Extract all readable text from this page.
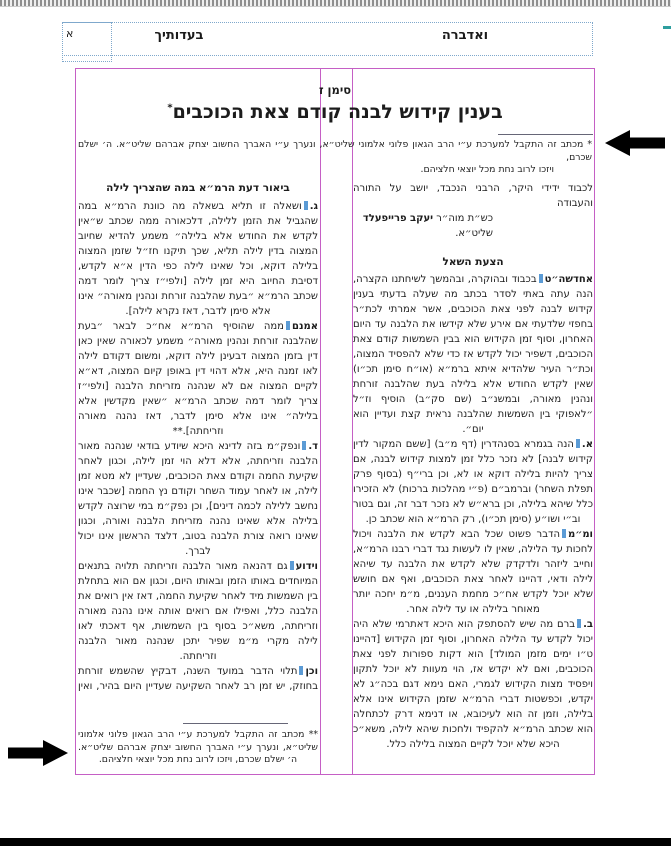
ואדברה
בעדותיך
א
סימן ז
בענין קידוש לבנה קודם צאת הכוכבים*
* מכתב זה התקבל למערכת ע״י הרב הגאון פלוני אלמוני שליט״א, ונערך ע״י האברך החשוב יצחק אברהם שליט״א. ה׳ ישלם שכרם,
ויזכו לרוב נחת מכל יוצאי חלציהם.
לכבוד ידידי היקר, הרבני הנכבד, יושב על התורה והעבודה
כש״ת מוה״ר יעקב פרייפעלד שליט״א.
הצעת השאל

אחדשה״טבכבוד ובהוקרה, ובהמשך לשיחתנו הקצרה, הנה עתה באתי לסדר בכתב מה שעלה בדעתי בענין קידוש לבנה לפני צאת הכוכבים, אשר אמרתי לכת״ר בחפזי שלדעתי אם אירע שלא קידשו את הלבנה עד היום האחרון, וסוף זמן הקידוש הוא בבין השמשות קודם צאת הכוכבים, דשפיר יכול לקדש אז כדי שלא להפסיד המצוה, וכת״ר העיר שלהדיא איתא ברמ״א (או״ח סימן תכ״ו) שאין לקדש החודש אלא בלילה בעת שהלבנה זורחת ונהנין מאורה, ובמשנ״ב (שם סק״ב) הוסיף וז״ל ״לאפוקי בין השמשות שהלבנה נראית קצת ועדיין הוא יום״.

א.הנה בגמרא בסנהדרין (דף מ״ב) [ששם המקור לדין קידוש לבנה] לא נזכר כלל זמן למצות קידוש לבנה, אם צריך להיות בלילה דוקא או לא, וכן ברי״ף (בסוף פרק תפלת השחר) וברמב״ם (פ״י מהלכות ברכות) לא הזכירו כלל שיהא בלילה, וכן ברא״ש לא נזכר דבר זה, וגם בטור וב״י ושו״ע (סימן תכ״ו), רק הרמ״א הוא שכתב כן.

ומ״מהדבר פשוט שכל הבא לקדש את הלבנה ויכול לחכות עד הלילה, שאין לו לעשות נגד דברי רבנו הרמ״א, וחייב ליזהר ולדקדק שלא לקדש את הלבנה עד שיהא לילה ודאי, דהיינו לאחר צאת הכוכבים, ואף אם חושש שלא יוכל לקדש אח״כ מחמת העננים, מ״מ יחכה יותר מאוחר בלילה או עד לילה אחר.

ב.ברם מה שיש להסתפק הוא היכא דאתרמי שלא היה יכול לקדש עד הלילה האחרון, וסוף זמן הקידוש [דהיינו ט״ו ימים מזמן המולד] הוא דקות ספורות לפני צאת הכוכבים, ואם לא יקדש אז, הוי מעוות לא יוכל לתקון ויפסיד מצות הקידוש לגמרי, האם נימא דגם בכה״ג לא יקדש, וכפשטות דברי הרמ״א שזמן הקידוש אינו אלא בלילה, וזמן זה הוא לעיכובא, או דנימא דרק לכתחלה הוא שכתב הרמ״א להקפיד ולחכות שיהא לילה, משא״כ היכא שלא יוכל לקיים המצוה בלילה כלל.

ביאור דעת הרמ״א במה שהצריך לילה

ג.ושאלה זו תליא בשאלה מה כוונת הרמ״א במה שהגביל את הזמן ללילה, דלכאורה ממה שכתב ש״אין לקדש את החודש אלא בלילה״ משמע להדיא שחיוב המצוה בדין לילה תליא, שכך תיקנו חז״ל שזמן המצוה בלילה דוקא, וכל שאינו לילה כפי הדין א״א לקדש, דסיבת החיוב היא זמן לילה [ולפי״ז צריך לומר דמה שכתב הרמ״א ״בעת שהלבנה זורחת ונהנין מאורה״ אינו אלא סימן לדבר, דאז נקרא לילה].

אמנםממה שהוסיף הרמ״א אח״כ לבאר ״בעת שהלבנה זורחת ונהנין מאורה״ משמע לכאורה שאין כאן דין בזמן המצוה דבעינן לילה דוקא, ומשום דקודם לילה לאו זמנה היא, אלא דהוי דין באופן קיום המצוה, דא״א לקיים המצוה אם לא שנהנה מזריחת הלבנה [ולפי״ז צריך לומר דמה שכתב הרמ״א ״שאין מקדשין אלא בלילה״ אינו אלא סימן לדבר, דאז נהנה מאורה וזריחתה].**

ד.ונפק״מ בזה לדינא היכא שיודע בודאי שנהנה מאור הלבנה וזריחתה, אלא דלא הוי זמן לילה, וכגון לאחר שקיעת החמה וקודם צאת הכוכבים, שעדיין לא מטא זמן לילה, או לאחר עמוד השחר וקודם נץ החמה [שכבר אינו נחשב ללילה לכמה דינים], וכן נפק״מ במי שרוצה לקדש בלילה אלא שאינו נהנה מזריחת הלבנה ואורה, וכגון שאינו רואה צורת הלבנה בטוב, דלצד הראשון אינו יכול לברך.

וידועגם דהנאה מאור הלבנה וזריחתה תלויה בתנאים המיוחדים באותו הזמן ובאותו היום, וכגון אם הוא בתחלת בין השמשות מיד לאחר שקיעת החמה, דאז אין רואים את הלבנה כלל, ואפילו אם רואים אותה אינו נהנה מאורה וזריחתה, משא״כ בסוף בין השמשות, אף דאכתי לאו לילה מקרי מ״מ שפיר יתכן שנהנה מאור הלבנה וזריחתה.

וכןתלוי הדבר במועד השנה, דבקיץ שהשמש זורחת בחוזק, יש זמן רב לאחר השקיעה שעדיין היום בהיר, ואין

** מכתב זה התקבל למערכת ע״י הרב הגאון פלוני אלמוני שליט״א, ונערך ע״י האברך החשוב יצחק אברהם שליט״א. ה׳ ישלם שכרם, ויזכו לרוב נחת מכל יוצאי חלציהם.
